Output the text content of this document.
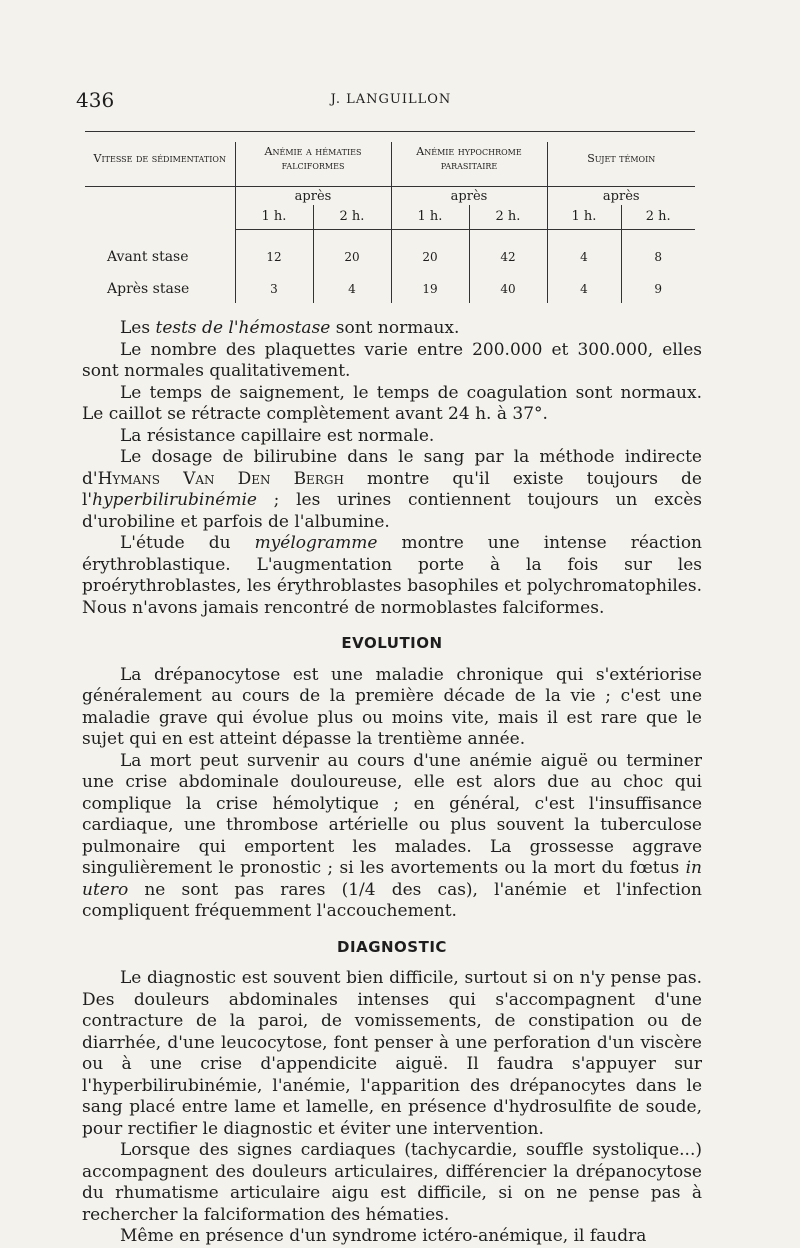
436	J. LANGUILLON

Vitesse de sédimentation	Anémie a hématies falciformes		Anémie hypochrome parasitaire		Sujet témoin	

	après		après		après	
	1 h.	2 h.	1 h.	2 h.	1 h.	2 h.
Avant stase	12	20	20	42	4	8
Après stase	3	4	19	40	4	9

Les tests de l'hémostase sont normaux.

Le nombre des plaquettes varie entre 200.000 et 300.000, elles sont normales qualitativement.

Le temps de saignement, le temps de coagulation sont normaux. Le caillot se rétracte complètement avant 24 h. à 37°.

La résistance capillaire est normale.

Le dosage de bilirubine dans le sang par la méthode indirecte d'Hymans Van Den Bergh montre qu'il existe toujours de l'hyperbilirubinémie ; les urines contiennent toujours un excès d'urobiline et parfois de l'albumine.

L'étude du myélogramme montre une intense réaction érythroblastique. L'augmentation porte à la fois sur les proérythroblastes, les érythroblastes basophiles et polychromatophiles. Nous n'avons jamais rencontré de normoblastes falciformes.

EVOLUTION

La drépanocytose est une maladie chronique qui s'extériorise généralement au cours de la première décade de la vie ; c'est une maladie grave qui évolue plus ou moins vite, mais il est rare que le sujet qui en est atteint dépasse la trentième année.

La mort peut survenir au cours d'une anémie aiguë ou terminer une crise abdominale douloureuse, elle est alors due au choc qui complique la crise hémolytique ; en général, c'est l'insuffisance cardiaque, une thrombose artérielle ou plus souvent la tuberculose pulmonaire qui emportent les malades. La grossesse aggrave singulièrement le pronostic ; si les avortements ou la mort du fœtus in utero ne sont pas rares (1/4 des cas), l'anémie et l'infection compliquent fréquemment l'accouchement.

DIAGNOSTIC

Le diagnostic est souvent bien difficile, surtout si on n'y pense pas. Des douleurs abdominales intenses qui s'accompagnent d'une contracture de la paroi, de vomissements, de constipation ou de diarrhée, d'une leucocytose, font penser à une perforation d'un viscère ou à une crise d'appendicite aiguë. Il faudra s'appuyer sur l'hyperbilirubinémie, l'anémie, l'apparition des drépanocytes dans le sang placé entre lame et lamelle, en présence d'hydrosulfite de soude, pour rectifier le diagnostic et éviter une intervention.

Lorsque des signes cardiaques (tachycardie, souffle systolique...) accompagnent des douleurs articulaires, différencier la drépanocytose du rhumatisme articulaire aigu est difficile, si on ne pense pas à rechercher la falciformation des hématies.

Même en présence d'un syndrome ictéro-anémique, il faudra
